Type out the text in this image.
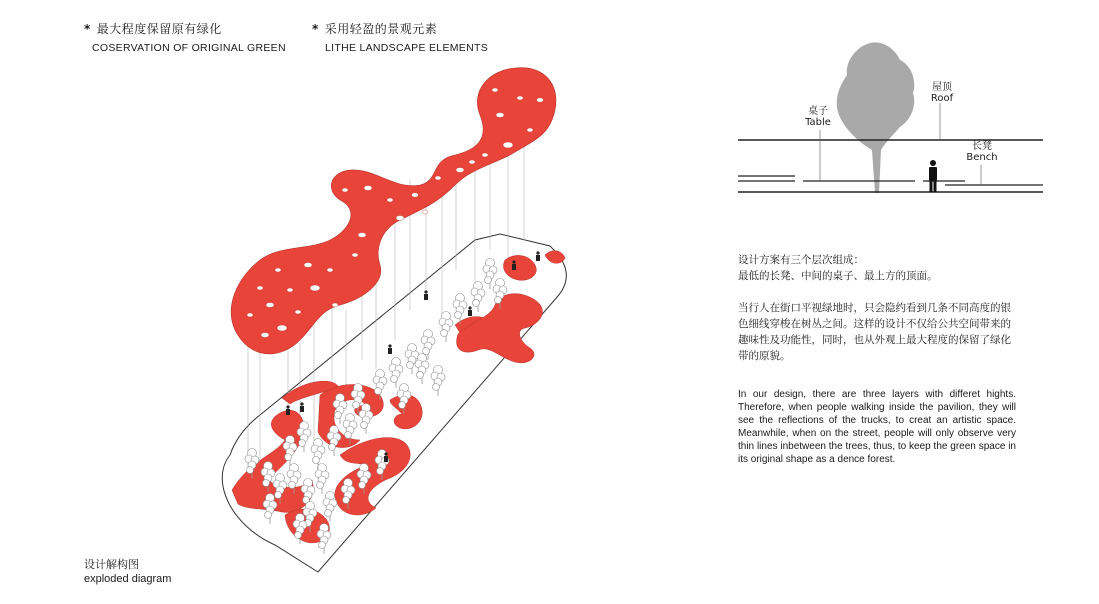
* 最大程度保留原有绿化
COSERVATION OF ORIGINAL GREEN
* 采用轻盈的景观元素
LITHE LANDSCAPE ELEMENTS
屋顶
Roof
桌子
Table
长凳
Bench
设计方案有三个层次组成：
最低的长凳、中间的桌子、最上方的顶面。
当行人在街口平视绿地时，只会隐约看到几条不同高度的银
色细线穿梭在树丛之间。这样的设计不仅给公共空间带来的
趣味性及功能性，同时，也从外观上最大程度的保留了绿化
带的原貌。
In our design, there are three layers with differet hights. Therefore, when people walking inside the pavilion, they will see the reflections of the trucks, to creat an artistic space. Meanwhile, when on the street, people will only observe very thin lines inbetween the trees, thus, to keep the green space in its original shape as a dence forest.
设计解构图
exploded diagram
